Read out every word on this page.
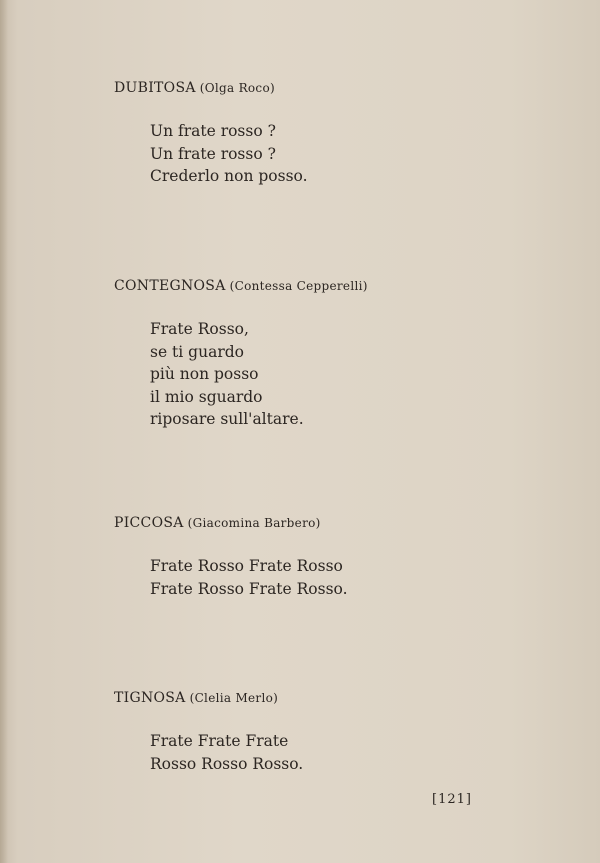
DUBITOSA (Olga Roco)
Un frate rosso ?
Un frate rosso ?
Crederlo non posso.
CONTEGNOSA (Contessa Cepperelli)
Frate Rosso,
se ti guardo
più non posso
il mio sguardo
riposare sull'altare.
PICCOSA (Giacomina Barbero)
Frate Rosso Frate Rosso
Frate Rosso Frate Rosso.
TIGNOSA (Clelia Merlo)
Frate Frate Frate
Rosso Rosso Rosso.
[121]
